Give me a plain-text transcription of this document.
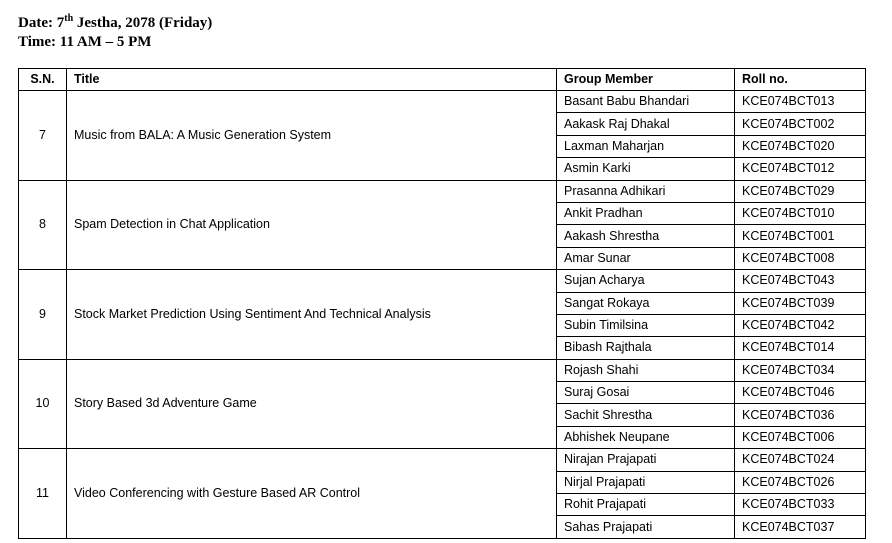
Date: 7th Jestha, 2078 (Friday)
Time: 11 AM – 5 PM
S.N.	Title	Group Member	Roll no.
7	Music from BALA: A Music Generation System	Basant Babu Bhandari	KCE074BCT013
		Aakask Raj Dhakal	KCE074BCT002
		Laxman Maharjan	KCE074BCT020
		Asmin Karki	KCE074BCT012
8	Spam Detection in Chat Application	Prasanna Adhikari	KCE074BCT029
		Ankit Pradhan	KCE074BCT010
		Aakash Shrestha	KCE074BCT001
		Amar Sunar	KCE074BCT008
9	Stock Market Prediction Using Sentiment And Technical Analysis	Sujan Acharya	KCE074BCT043
		Sangat Rokaya	KCE074BCT039
		Subin Timilsina	KCE074BCT042
		Bibash Rajthala	KCE074BCT014
10	Story Based 3d Adventure Game	Rojash Shahi	KCE074BCT034
		Suraj Gosai	KCE074BCT046
		Sachit Shrestha	KCE074BCT036
		Abhishek Neupane	KCE074BCT006
11	Video Conferencing with Gesture Based AR Control	Nirajan Prajapati	KCE074BCT024
		Nirjal Prajapati	KCE074BCT026
		Rohit Prajapati	KCE074BCT033
		Sahas Prajapati	KCE074BCT037
